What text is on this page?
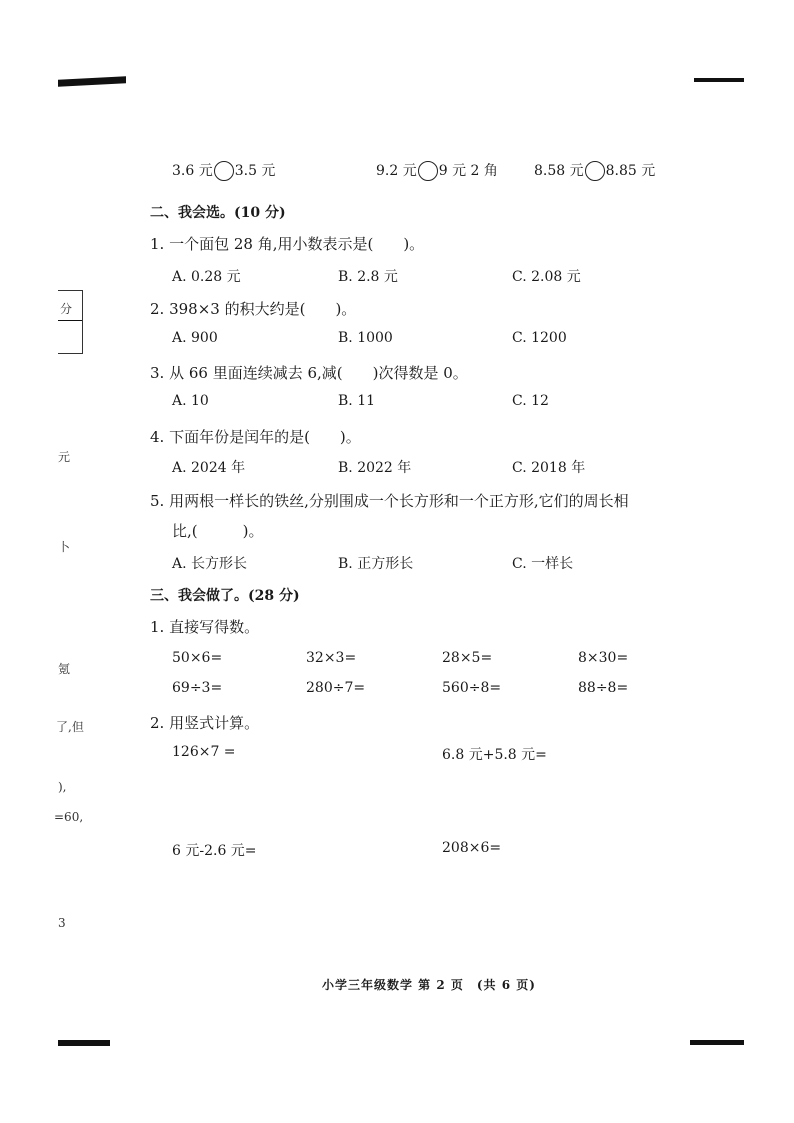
分
元
卜
氪
了,但
),
=60,
3
3.6 元 3.5 元	9.2 元 9 元 2 角	8.58 元 8.85 元
二、我会选。(10 分)
1. 一个面包 28 角,用小数表示是(　　)。
A. 0.28 元	B. 2.8 元	C. 2.08 元
2. 398×3 的积大约是(　　)。
A. 900	B. 1000	C. 1200
3. 从 66 里面连续减去 6,减(　　)次得数是 0。
A. 10	B. 11	C. 12
4. 下面年份是闰年的是(　　)。
A. 2024 年	B. 2022 年	C. 2018 年
5. 用两根一样长的铁丝,分别围成一个长方形和一个正方形,它们的周长相
比,(　　　)。
A. 长方形长	B. 正方形长	C. 一样长
三、我会做了。(28 分)
1. 直接写得数。
50×6=	32×3=	28×5=	8×30=
69÷3=	280÷7=	560÷8=	88÷8=
2. 用竖式计算。
126×7 =	6.8 元+5.8 元=
6 元-2.6 元=	208×6=
小学三年级数学 第 2 页　(共 6 页)
